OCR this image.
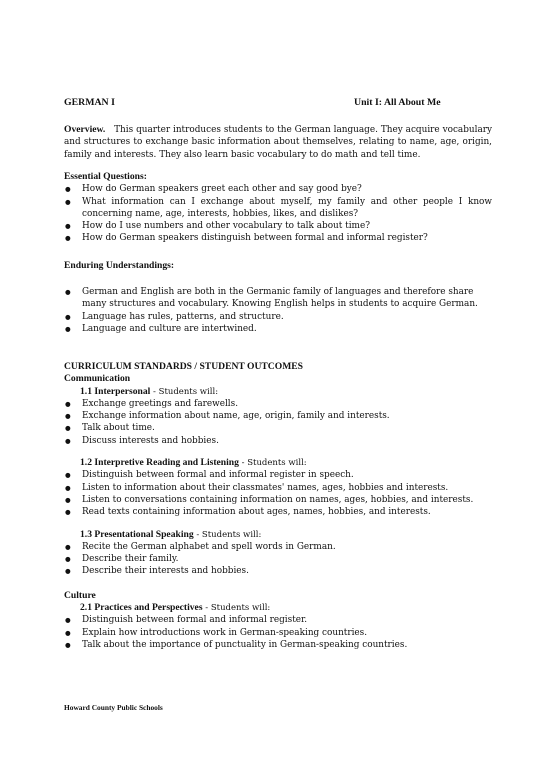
GERMAN I	Unit I: All About Me
Overview. This quarter introduces students to the German language. They acquire vocabulary and structures to exchange basic information about themselves, relating to name, age, origin, family and interests. They also learn basic vocabulary to do math and tell time.
Essential Questions:
● How do German speakers greet each other and say good bye?
● What information can I exchange about myself, my family and other people I know concerning name, age, interests, hobbies, likes, and dislikes?
● How do I use numbers and other vocabulary to talk about time?
● How do German speakers distinguish between formal and informal register?
Enduring Understandings:
● German and English are both in the Germanic family of languages and therefore share many structures and vocabulary. Knowing English helps in students to acquire German.
● Language has rules, patterns, and structure.
● Language and culture are intertwined.
CURRICULUM STANDARDS / STUDENT OUTCOMES
Communication
1.1 Interpersonal - Students will:
● Exchange greetings and farewells.
● Exchange information about name, age, origin, family and interests.
● Talk about time.
● Discuss interests and hobbies.
1.2 Interpretive Reading and Listening - Students will:
● Distinguish between formal and informal register in speech.
● Listen to information about their classmates' names, ages, hobbies and interests.
● Listen to conversations containing information on names, ages, hobbies, and interests.
● Read texts containing information about ages, names, hobbies, and interests.
1.3 Presentational Speaking - Students will:
● Recite the German alphabet and spell words in German.
● Describe their family.
● Describe their interests and hobbies.
Culture
2.1 Practices and Perspectives - Students will:
● Distinguish between formal and informal register.
● Explain how introductions work in German-speaking countries.
● Talk about the importance of punctuality in German-speaking countries.
Howard County Public Schools
